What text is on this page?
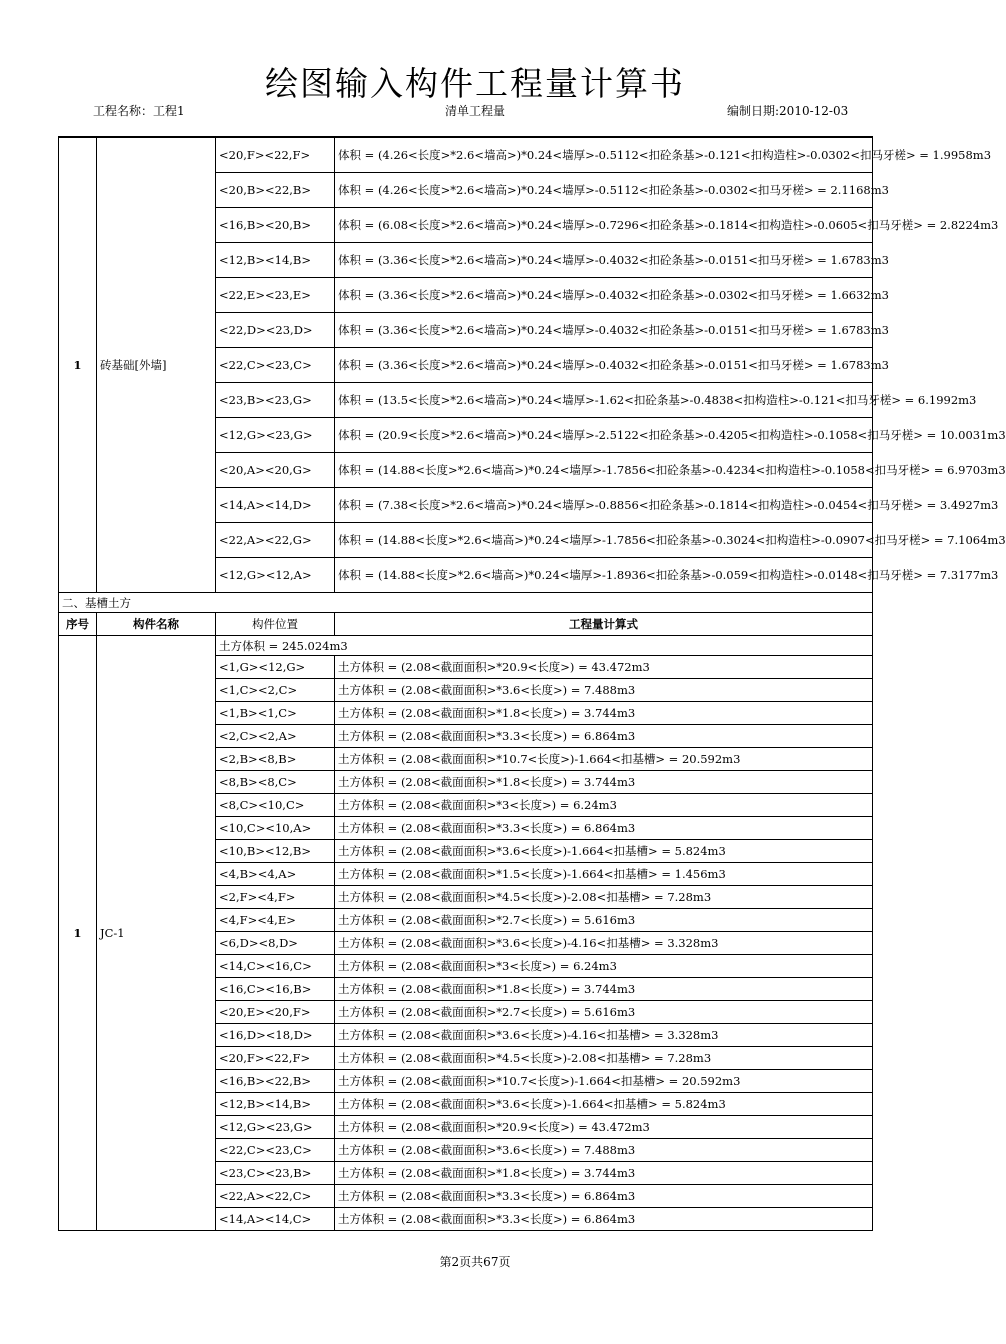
绘图输入构件工程量计算书
工程名称：工程1	清单工程量	编制日期:2010-12-03
1	砖基础[外墙]	<20,F><22,F>	体积 = (4.26<长度>*2.6<墙高>)*0.24<墙厚>-0.5112<扣砼条基>-0.121<扣构造柱>-0.0302<扣马牙槎> = 1.9958m3
		<20,B><22,B>	体积 = (4.26<长度>*2.6<墙高>)*0.24<墙厚>-0.5112<扣砼条基>-0.0302<扣马牙槎> = 2.1168m3
		<16,B><20,B>	体积 = (6.08<长度>*2.6<墙高>)*0.24<墙厚>-0.7296<扣砼条基>-0.1814<扣构造柱>-0.0605<扣马牙槎> = 2.8224m3
		<12,B><14,B>	体积 = (3.36<长度>*2.6<墙高>)*0.24<墙厚>-0.4032<扣砼条基>-0.0151<扣马牙槎> = 1.6783m3
		<22,E><23,E>	体积 = (3.36<长度>*2.6<墙高>)*0.24<墙厚>-0.4032<扣砼条基>-0.0302<扣马牙槎> = 1.6632m3
		<22,D><23,D>	体积 = (3.36<长度>*2.6<墙高>)*0.24<墙厚>-0.4032<扣砼条基>-0.0151<扣马牙槎> = 1.6783m3
		<22,C><23,C>	体积 = (3.36<长度>*2.6<墙高>)*0.24<墙厚>-0.4032<扣砼条基>-0.0151<扣马牙槎> = 1.6783m3
		<23,B><23,G>	体积 = (13.5<长度>*2.6<墙高>)*0.24<墙厚>-1.62<扣砼条基>-0.4838<扣构造柱>-0.121<扣马牙槎> = 6.1992m3
		<12,G><23,G>	体积 = (20.9<长度>*2.6<墙高>)*0.24<墙厚>-2.5122<扣砼条基>-0.4205<扣构造柱>-0.1058<扣马牙槎> = 10.0031m3
		<20,A><20,G>	体积 = (14.88<长度>*2.6<墙高>)*0.24<墙厚>-1.7856<扣砼条基>-0.4234<扣构造柱>-0.1058<扣马牙槎> = 6.9703m3
		<14,A><14,D>	体积 = (7.38<长度>*2.6<墙高>)*0.24<墙厚>-0.8856<扣砼条基>-0.1814<扣构造柱>-0.0454<扣马牙槎> = 3.4927m3
		<22,A><22,G>	体积 = (14.88<长度>*2.6<墙高>)*0.24<墙厚>-1.7856<扣砼条基>-0.3024<扣构造柱>-0.0907<扣马牙槎> = 7.1064m3
		<12,G><12,A>	体积 = (14.88<长度>*2.6<墙高>)*0.24<墙厚>-1.8936<扣砼条基>-0.059<扣构造柱>-0.0148<扣马牙槎> = 7.3177m3
二、基槽土方			
序号	构件名称	构件位置	工程量计算式
1	JC-1	土方体积 = 245.024m3	
		<1,G><12,G>	土方体积 = (2.08<截面面积>*20.9<长度>) = 43.472m3
		<1,C><2,C>	土方体积 = (2.08<截面面积>*3.6<长度>) = 7.488m3
		<1,B><1,C>	土方体积 = (2.08<截面面积>*1.8<长度>) = 3.744m3
		<2,C><2,A>	土方体积 = (2.08<截面面积>*3.3<长度>) = 6.864m3
		<2,B><8,B>	土方体积 = (2.08<截面面积>*10.7<长度>)-1.664<扣基槽> = 20.592m3
		<8,B><8,C>	土方体积 = (2.08<截面面积>*1.8<长度>) = 3.744m3
		<8,C><10,C>	土方体积 = (2.08<截面面积>*3<长度>) = 6.24m3
		<10,C><10,A>	土方体积 = (2.08<截面面积>*3.3<长度>) = 6.864m3
		<10,B><12,B>	土方体积 = (2.08<截面面积>*3.6<长度>)-1.664<扣基槽> = 5.824m3
		<4,B><4,A>	土方体积 = (2.08<截面面积>*1.5<长度>)-1.664<扣基槽> = 1.456m3
		<2,F><4,F>	土方体积 = (2.08<截面面积>*4.5<长度>)-2.08<扣基槽> = 7.28m3
		<4,F><4,E>	土方体积 = (2.08<截面面积>*2.7<长度>) = 5.616m3
		<6,D><8,D>	土方体积 = (2.08<截面面积>*3.6<长度>)-4.16<扣基槽> = 3.328m3
		<14,C><16,C>	土方体积 = (2.08<截面面积>*3<长度>) = 6.24m3
		<16,C><16,B>	土方体积 = (2.08<截面面积>*1.8<长度>) = 3.744m3
		<20,E><20,F>	土方体积 = (2.08<截面面积>*2.7<长度>) = 5.616m3
		<16,D><18,D>	土方体积 = (2.08<截面面积>*3.6<长度>)-4.16<扣基槽> = 3.328m3
		<20,F><22,F>	土方体积 = (2.08<截面面积>*4.5<长度>)-2.08<扣基槽> = 7.28m3
		<16,B><22,B>	土方体积 = (2.08<截面面积>*10.7<长度>)-1.664<扣基槽> = 20.592m3
		<12,B><14,B>	土方体积 = (2.08<截面面积>*3.6<长度>)-1.664<扣基槽> = 5.824m3
		<12,G><23,G>	土方体积 = (2.08<截面面积>*20.9<长度>) = 43.472m3
		<22,C><23,C>	土方体积 = (2.08<截面面积>*3.6<长度>) = 7.488m3
		<23,C><23,B>	土方体积 = (2.08<截面面积>*1.8<长度>) = 3.744m3
		<22,A><22,C>	土方体积 = (2.08<截面面积>*3.3<长度>) = 6.864m3
		<14,A><14,C>	土方体积 = (2.08<截面面积>*3.3<长度>) = 6.864m3
第2页共67页
